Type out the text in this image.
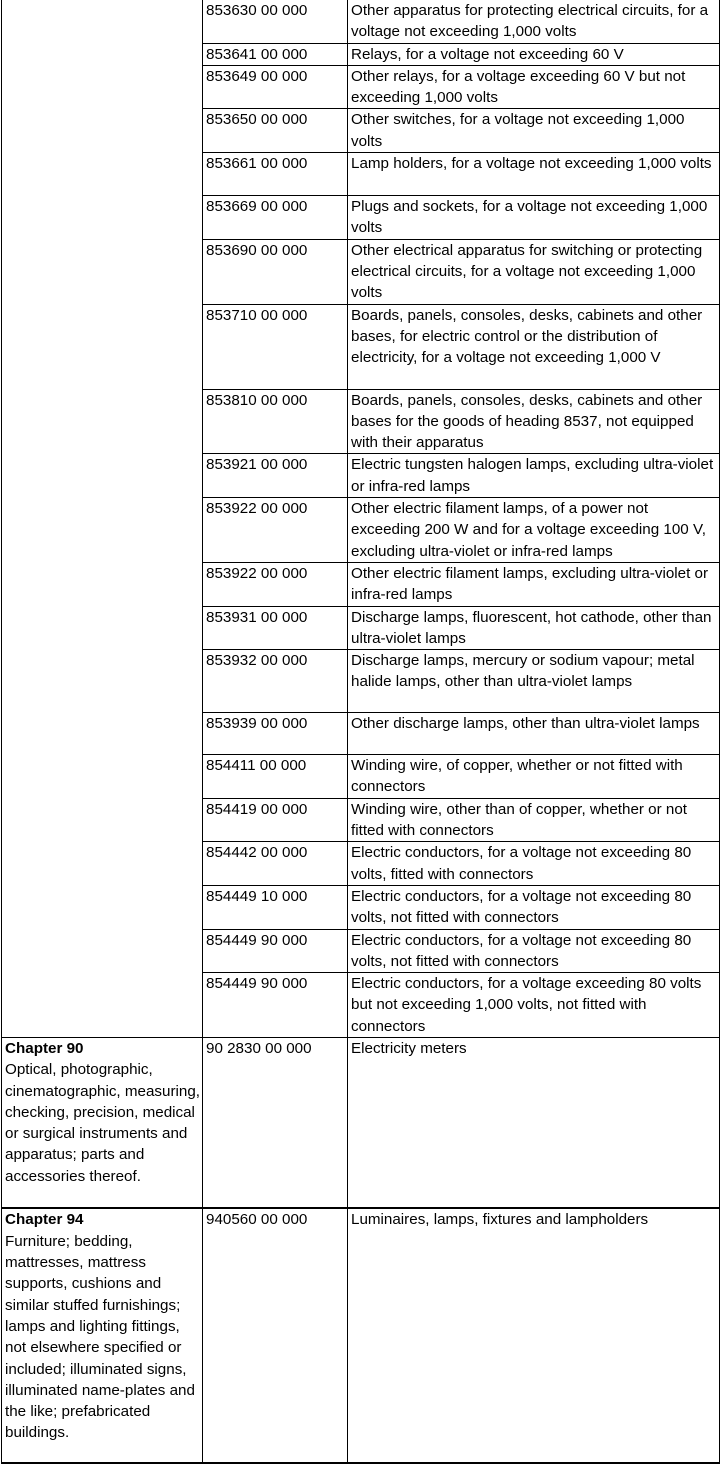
	853630 00 000	Other apparatus for protecting electrical circuits, for a voltage not exceeding 1,000 volts
	853641 00 000	Relays, for a voltage not exceeding 60 V
	853649 00 000	Other relays, for a voltage exceeding 60 V but not exceeding 1,000 volts
	853650 00 000	Other switches, for a voltage not exceeding 1,000 volts
	853661 00 000	Lamp holders, for a voltage not exceeding 1,000 volts
	853669 00 000	Plugs and sockets, for a voltage not exceeding 1,000 volts
	853690 00 000	Other electrical apparatus for switching or protecting electrical circuits, for a voltage not exceeding 1,000 volts
	853710 00 000	Boards, panels, consoles, desks, cabinets and other bases, for electric control or the distribution of electricity, for a voltage not exceeding 1,000 V
	853810 00 000	Boards, panels, consoles, desks, cabinets and other bases for the goods of heading 8537, not equipped with their apparatus
	853921 00 000	Electric tungsten halogen lamps, excluding ultra-violet or infra-red lamps
	853922 00 000	Other electric filament lamps, of a power not exceeding 200 W and for a voltage exceeding 100 V, excluding ultra-violet or infra-red lamps
	853922 00 000	Other electric filament lamps, excluding ultra-violet or infra-red lamps
	853931 00 000	Discharge lamps, fluorescent, hot cathode, other than ultra-violet lamps
	853932 00 000	Discharge lamps, mercury or sodium vapour; metal halide lamps, other than ultra-violet lamps
	853939 00 000	Other discharge lamps, other than ultra-violet lamps
	854411 00 000	Winding wire, of copper, whether or not fitted with connectors
	854419 00 000	Winding wire, other than of copper, whether or not fitted with connectors
	854442 00 000	Electric conductors, for a voltage not exceeding 80 volts, fitted with connectors
	854449 10 000	Electric conductors, for a voltage not exceeding 80 volts, not fitted with connectors
	854449 90 000	Electric conductors, for a voltage not exceeding 80 volts, not fitted with connectors
	854449 90 000	Electric conductors, for a voltage exceeding 80 volts but not exceeding 1,000 volts, not fitted with connectors

Chapter 90
Optical, photographic, cinematographic, measuring, checking, precision, medical or surgical instruments and apparatus; parts and accessories thereof.	90 2830 00 000	Electricity meters

Chapter 94
Furniture; bedding, mattresses, mattress supports, cushions and similar stuffed furnishings; lamps and lighting fittings, not elsewhere specified or included; illuminated signs, illuminated name-plates and the like; prefabricated buildings.	940560 00 000	Luminaires, lamps, fixtures and lampholders
